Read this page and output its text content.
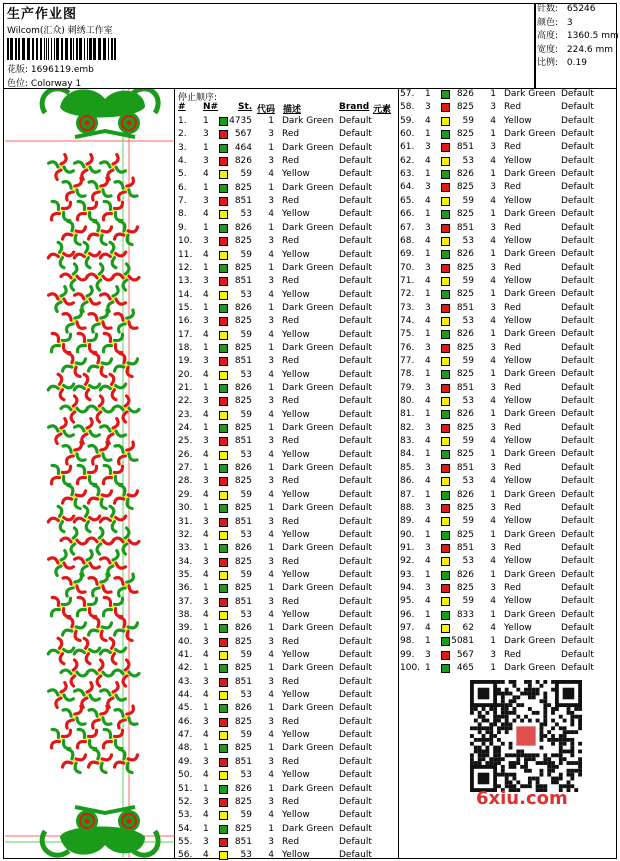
生产作业图
Wilcom(汇众) 刺绣工作室
花版: 1696119.emb
色位: Colorway 1
针数: 65246
颜色: 3
高度: 1360.5 mm
宽度: 224.6 mm
比例: 0.19
停止顺序:
# N# St. 代码 描述	Brand 元素
1. 1	4735	1 Dark Green Default
2. 3	567	3 Red	Default
3. 1	464	1 Dark Green Default
4. 3	826	3 Red	Default
5. 4	59	4 Yellow	Default
6. 1	825	1 Dark Green Default
7. 3	851	3 Red	Default
8. 4	53	4 Yellow	Default
9. 1	826	1 Dark Green Default
10. 3	825	3 Red	Default
11. 4	59	4 Yellow	Default
12. 1	825	1 Dark Green Default
13. 3	851	3 Red	Default
14. 4	53	4 Yellow	Default
15. 1	826	1 Dark Green Default
16. 3	825	3 Red	Default
17. 4	59	4 Yellow	Default
18. 1	825	1 Dark Green Default
19. 3	851	3 Red	Default
20. 4	53	4 Yellow	Default
21. 1	826	1 Dark Green Default
22. 3	825	3 Red	Default
23. 4	59	4 Yellow	Default
24. 1	825	1 Dark Green Default
25. 3	851	3 Red	Default
26. 4	53	4 Yellow	Default
27. 1	826	1 Dark Green Default
28. 3	825	3 Red	Default
29. 4	59	4 Yellow	Default
30. 1	825	1 Dark Green Default
31. 3	851	3 Red	Default
32. 4	53	4 Yellow	Default
33. 1	826	1 Dark Green Default
34. 3	825	3 Red	Default
35. 4	59	4 Yellow	Default
36. 1	825	1 Dark Green Default
37. 3	851	3 Red	Default
38. 4	53	4 Yellow	Default
39. 1	826	1 Dark Green Default
40. 3	825	3 Red	Default
41. 4	59	4 Yellow	Default
42. 1	825	1 Dark Green Default
43. 3	851	3 Red	Default
44. 4	53	4 Yellow	Default
45. 1	826	1 Dark Green Default
46. 3	825	3 Red	Default
47. 4	59	4 Yellow	Default
48. 1	825	1 Dark Green Default
49. 3	851	3 Red	Default
50. 4	53	4 Yellow	Default
51. 1	826	1 Dark Green Default
52. 3	825	3 Red	Default
53. 4	59	4 Yellow	Default
54. 1	825	1 Dark Green Default
55. 3	851	3 Red	Default
56. 4	53	4 Yellow	Default
57. 1	826	1 Dark Green Default
58. 3	825	3 Red	Default
59. 4	59	4 Yellow	Default
60. 1	825	1 Dark Green Default
61. 3	851	3 Red	Default
62. 4	53	4 Yellow	Default
63. 1	826	1 Dark Green Default
64. 3	825	3 Red	Default
65. 4	59	4 Yellow	Default
66. 1	825	1 Dark Green Default
67. 3	851	3 Red	Default
68. 4	53	4 Yellow	Default
69. 1	826	1 Dark Green Default
70. 3	825	3 Red	Default
71. 4	59	4 Yellow	Default
72. 1	825	1 Dark Green Default
73. 3	851	3 Red	Default
74. 4	53	4 Yellow	Default
75. 1	826	1 Dark Green Default
76. 3	825	3 Red	Default
77. 4	59	4 Yellow	Default
78. 1	825	1 Dark Green Default
79. 3	851	3 Red	Default
80. 4	53	4 Yellow	Default
81. 1	826	1 Dark Green Default
82. 3	825	3 Red	Default
83. 4	59	4 Yellow	Default
84. 1	825	1 Dark Green Default
85. 3	851	3 Red	Default
86. 4	53	4 Yellow	Default
87. 1	826	1 Dark Green Default
88. 3	825	3 Red	Default
89. 4	59	4 Yellow	Default
90. 1	825	1 Dark Green Default
91. 3	851	3 Red	Default
92. 4	53	4 Yellow	Default
93. 1	826	1 Dark Green Default
94. 3	825	3 Red	Default
95. 4	59	4 Yellow	Default
96. 1	833	1 Dark Green Default
97. 4	62	4 Yellow	Default
98. 1	5081	1 Dark Green Default
99. 3	567	3 Red	Default
100. 1	465	1 Dark Green Default
6xiu.com
